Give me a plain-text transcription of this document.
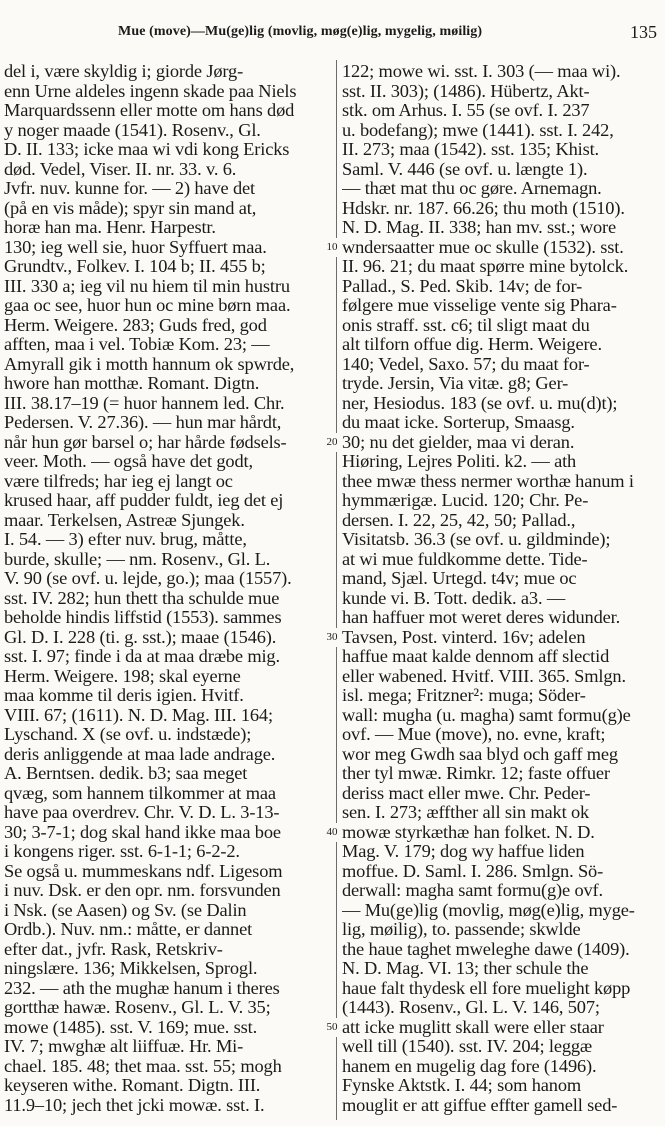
Mue (move)—Mu(ge)lig (movlig, møg(e)lig, mygelig, møilig)	135
del i, være skyldig i; giorde Jørg-
enn Urne aldeles ingenn skade paa Niels
Marquardssenn eller motte om hans død
y noger maade (1541). Rosenv., Gl.
D. II. 133; icke maa wi vdi kong Ericks
død. Vedel, Viser. II. nr. 33. v. 6.
Jvfr. nuv. kunne for. — 2) have det
(på en vis måde); spyr sin mand at,
horæ han ma. Henr. Harpestr.
130; ieg well sie, huor Syffuert maa.
Grundtv., Folkev. I. 104 b; II. 455 b;
III. 330 a; ieg vil nu hiem til min hustru
gaa oc see, huor hun oc mine børn maa.
Herm. Weigere. 283; Guds fred, god
afften, maa i vel. Tobiæ Kom. 23; —
Amyrall gik i motth hannum ok spwrde,
hwore han motthæ. Romant. Digtn.
III. 38.17–19 (= huor hannem led. Chr.
Pedersen. V. 27.36). — hun mar hårdt,
når hun gør barsel o; har hårde fødsels-
veer. Moth. — også have det godt,
være tilfreds; har ieg ej langt oc
krused haar, aff pudder fuldt, ieg det ej
maar. Terkelsen, Astreæ Sjungek.
I. 54. — 3) efter nuv. brug, måtte,
burde, skulle; — nm. Rosenv., Gl. L.
V. 90 (se ovf. u. lejde, go.); maa (1557).
sst. IV. 282; hun thett tha schulde mue
beholde hindis liffstid (1553). sammes
Gl. D. I. 228 (ti. g. sst.); maae (1546).
sst. I. 97; finde i da at maa dræbe mig.
Herm. Weigere. 198; skal eyerne
maa komme til deris igien. Hvitf.
VIII. 67; (1611). N. D. Mag. III. 164;
Lyschand. X (se ovf. u. indstæde);
deris anliggende at maa lade andrage.
A. Berntsen. dedik. b3; saa meget
qvæg, som hannem tilkommer at maa
have paa overdrev. Chr. V. D. L. 3-13-
30; 3-7-1; dog skal hand ikke maa boe
i kongens riger. sst. 6-1-1; 6-2-2.
Se også u. mummeskans ndf. Ligesom
i nuv. Dsk. er den opr. nm. forsvunden
i Nsk. (se Aasen) og Sv. (se Dalin
Ordb.). Nuv. nm.: måtte, er dannet
efter dat., jvfr. Rask, Retskriv-
ningslære. 136; Mikkelsen, Sprogl.
232. — ath the mughæ hanum i theres
gortthæ hawæ. Rosenv., Gl. L. V. 35;
mowe (1485). sst. V. 169; mue. sst.
IV. 7; mwghæ alt liiffuæ. Hr. Mi-
chael. 185. 48; thet maa. sst. 55; mogh
keyseren withe. Romant. Digtn. III.
11.9–10; jech thet jcki mowæ. sst. I.
10
20
30
40
50
122; mowe wi. sst. I. 303 (— maa wi).
sst. II. 303); (1486). Hübertz, Akt-
stk. om Arhus. I. 55 (se ovf. I. 237
u. bodefang); mwe (1441). sst. I. 242,
II. 273; maa (1542). sst. 135; Khist.
Saml. V. 446 (se ovf. u. længte 1).
— thæt mat thu oc gøre. Arnemagn.
Hdskr. nr. 187. 66.26; thu moth (1510).
N. D. Mag. II. 338; han mv. sst.; wore
wndersaatter mue oc skulle (1532). sst.
II. 96. 21; du maat spørre mine bytolck.
Pallad., S. Ped. Skib. 14v; de for-
følgere mue visselige vente sig Phara-
onis straff. sst. c6; til sligt maat du
alt tilforn offue dig. Herm. Weigere.
140; Vedel, Saxo. 57; du maat for-
tryde. Jersin, Via vitæ. g8; Ger-
ner, Hesiodus. 183 (se ovf. u. mu(d)t);
du maat icke. Sorterup, Smaasg.
30; nu det gielder, maa vi deran.
Hiøring, Lejres Politi. k2. — ath
thee mwæ thess nermer worthæ hanum i
hymmærigæ. Lucid. 120; Chr. Pe-
dersen. I. 22, 25, 42, 50; Pallad.,
Visitatsb. 36.3 (se ovf. u. gildminde);
at wi mue fuldkomme dette. Tide-
mand, Sjæl. Urtegd. t4v; mue oc
kunde vi. B. Tott. dedik. a3. —
han haffuer mot weret deres widunder.
Tavsen, Post. vinterd. 16v; adelen
haffue maat kalde dennom aff slectid
eller wabened. Hvitf. VIII. 365. Smlgn.
isl. mega; Fritzner²: muga; Söder-
wall: mugha (u. magha) samt formu(g)e
ovf. — Mue (move), no. evne, kraft;
wor meg Gwdh saa blyd och gaff meg
ther tyl mwæ. Rimkr. 12; faste offuer
deriss mact eller mwe. Chr. Peder-
sen. I. 273; æffther all sin makt ok
mowæ styrkæthæ han folket. N. D.
Mag. V. 179; dog wy haffue liden
moffue. D. Saml. I. 286. Smlgn. Sö-
derwall: magha samt formu(g)e ovf.
— Mu(ge)lig (movlig, møg(e)lig, myge-
lig, møilig), to. passende; skwlde
the haue taghet mweleghe dawe (1409).
N. D. Mag. VI. 13; ther schule the
haue falt thydesk ell fore muelight køpp
(1443). Rosenv., Gl. L. V. 146, 507;
att icke muglitt skall were eller staar
well till (1540). sst. IV. 204; leggæ
hanem en mugelig dag fore (1496).
Fynske Aktstk. I. 44; som hanom
mouglit er att giffue effter gamell sed-
